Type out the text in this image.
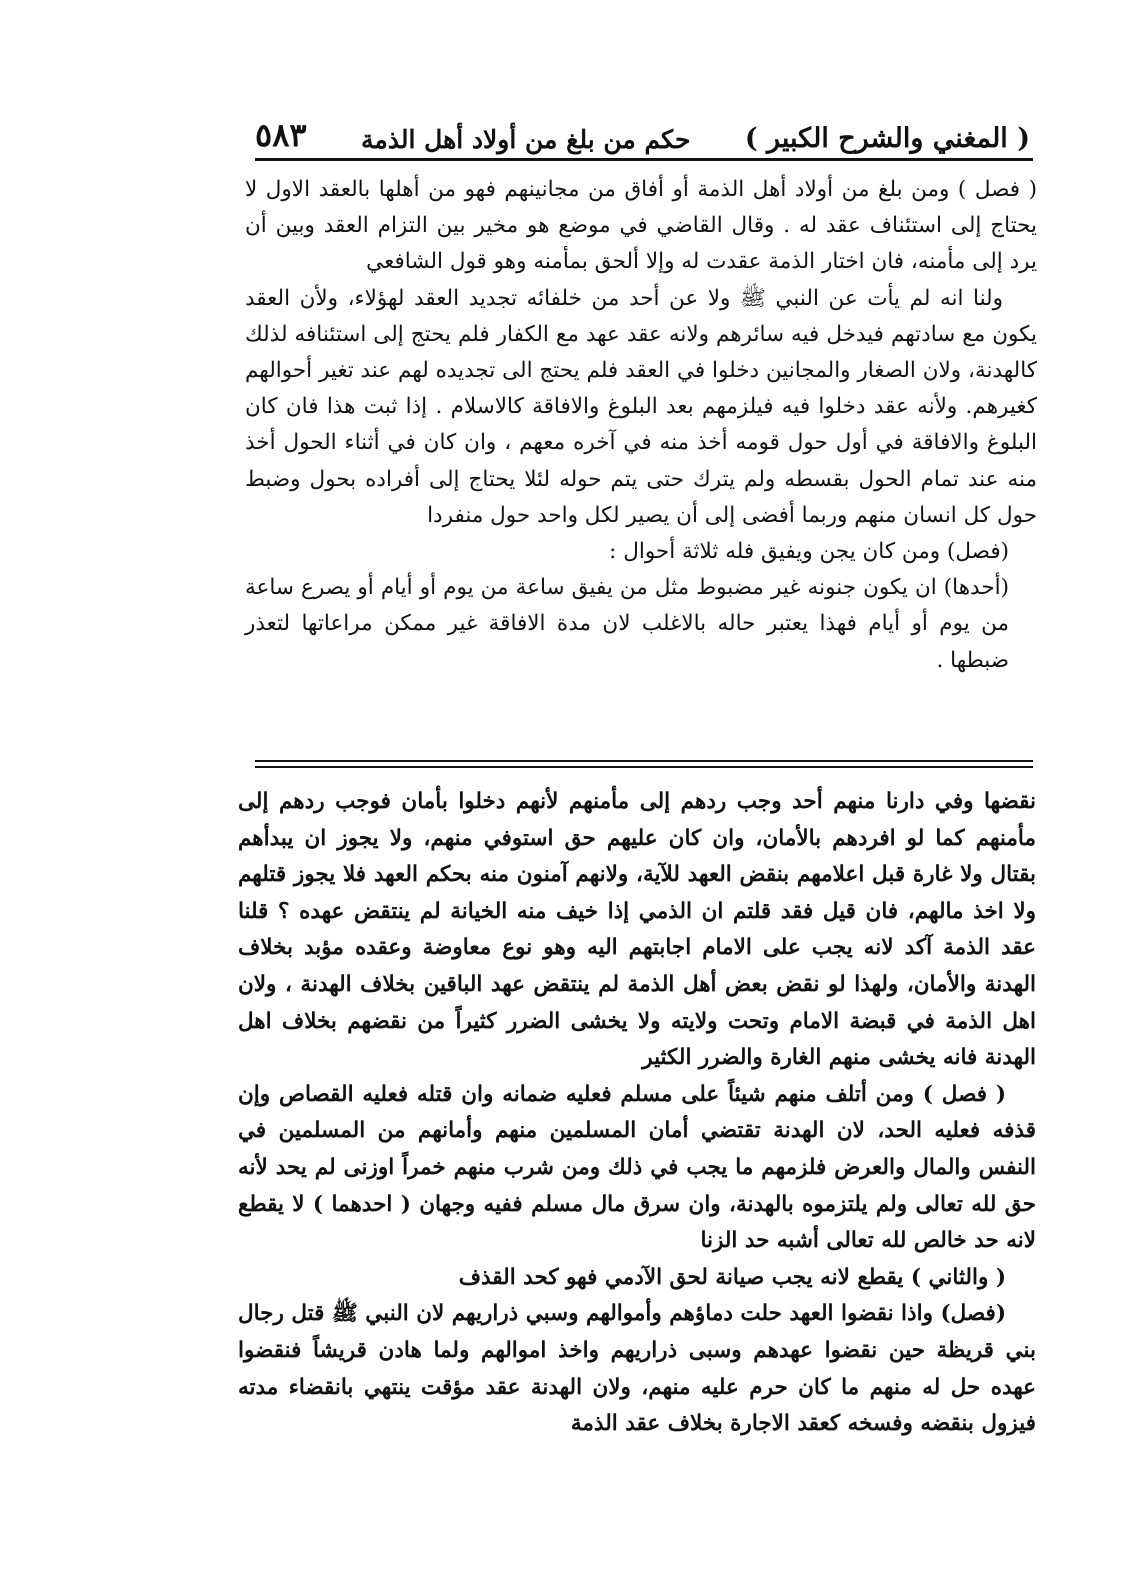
( المغني والشرح الكبير )
حكم من بلغ من أولاد أهل الذمة
٥٨٣

( فصل ) ومن بلغ من أولاد أهل الذمة أو أفاق من مجانينهم فهو من أهلها بالعقد الاول لا يحتاج إلى استئناف عقد له . وقال القاضي في موضع هو مخير بين التزام العقد وبين أن يرد إلى مأمنه، فان اختار الذمة عقدت له وإلا ألحق بمأمنه وهو قول الشافعي

ولنا انه لم يأت عن النبي ﷺ ولا عن أحد من خلفائه تجديد العقد لهؤلاء، ولأن العقد يكون مع سادتهم فيدخل فيه سائرهم ولانه عقد عهد مع الكفار فلم يحتج إلى استئنافه لذلك كالهدنة، ولان الصغار والمجانين دخلوا في العقد فلم يحتج الى تجديده لهم عند تغير أحوالهم كغيرهم. ولأنه عقد دخلوا فيه فيلزمهم بعد البلوغ والافاقة كالاسلام . إذا ثبت هذا فان كان البلوغ والافاقة في أول حول قومه أخذ منه في آخره معهم ، وان كان في أثناء الحول أخذ منه عند تمام الحول بقسطه ولم يترك حتى يتم حوله لئلا يحتاج إلى أفراده بحول وضبط حول كل انسان منهم وربما أفضى إلى أن يصير لكل واحد حول منفردا

(فصل) ومن كان يجن ويفيق فله ثلاثة أحوال :

(أحدها) ان يكون جنونه غير مضبوط مثل من يفيق ساعة من يوم أو أيام أو يصرع ساعة من يوم أو أيام فهذا يعتبر حاله بالاغلب لان مدة الافاقة غير ممكن مراعاتها لتعذر ضبطها .

نقضها وفي دارنا منهم أحد وجب ردهم إلى مأمنهم لأنهم دخلوا بأمان فوجب ردهم إلى مأمنهم كما لو افردهم بالأمان، وان كان عليهم حق استوفي منهم، ولا يجوز ان يبدأهم بقتال ولا غارة قبل اعلامهم بنقض العهد للآية، ولانهم آمنون منه بحكم العهد فلا يجوز قتلهم ولا اخذ مالهم، فان قيل فقد قلتم ان الذمي إذا خيف منه الخيانة لم ينتقض عهده ؟ قلنا عقد الذمة آكد لانه يجب على الامام اجابتهم اليه وهو نوع معاوضة وعقده مؤبد بخلاف الهدنة والأمان، ولهذا لو نقض بعض أهل الذمة لم ينتقض عهد الباقين بخلاف الهدنة ، ولان اهل الذمة في قبضة الامام وتحت ولايته ولا يخشى الضرر كثيراً من نقضهم بخلاف اهل الهدنة فانه يخشى منهم الغارة والضرر الكثير

( فصل ) ومن أتلف منهم شيئاً على مسلم فعليه ضمانه وان قتله فعليه القصاص وإن قذفه فعليه الحد، لان الهدنة تقتضي أمان المسلمين منهم وأمانهم من المسلمين في النفس والمال والعرض فلزمهم ما يجب في ذلك ومن شرب منهم خمراً اوزنى لم يحد لأنه حق لله تعالى ولم يلتزموه بالهدنة، وان سرق مال مسلم ففيه وجهان ( احدهما ) لا يقطع لانه حد خالص لله تعالى أشبه حد الزنا

( والثاني ) يقطع لانه يجب صيانة لحق الآدمي فهو كحد القذف

(فصل) واذا نقضوا العهد حلت دماؤهم وأموالهم وسبي ذراريهم لان النبي ﷺ قتل رجال بني قريظة حين نقضوا عهدهم وسبى ذراريهم واخذ اموالهم ولما هادن قريشاً فنقضوا عهده حل له منهم ما كان حرم عليه منهم، ولان الهدنة عقد مؤقت ينتهي بانقضاء مدته فيزول بنقضه وفسخه كعقد الاجارة بخلاف عقد الذمة
